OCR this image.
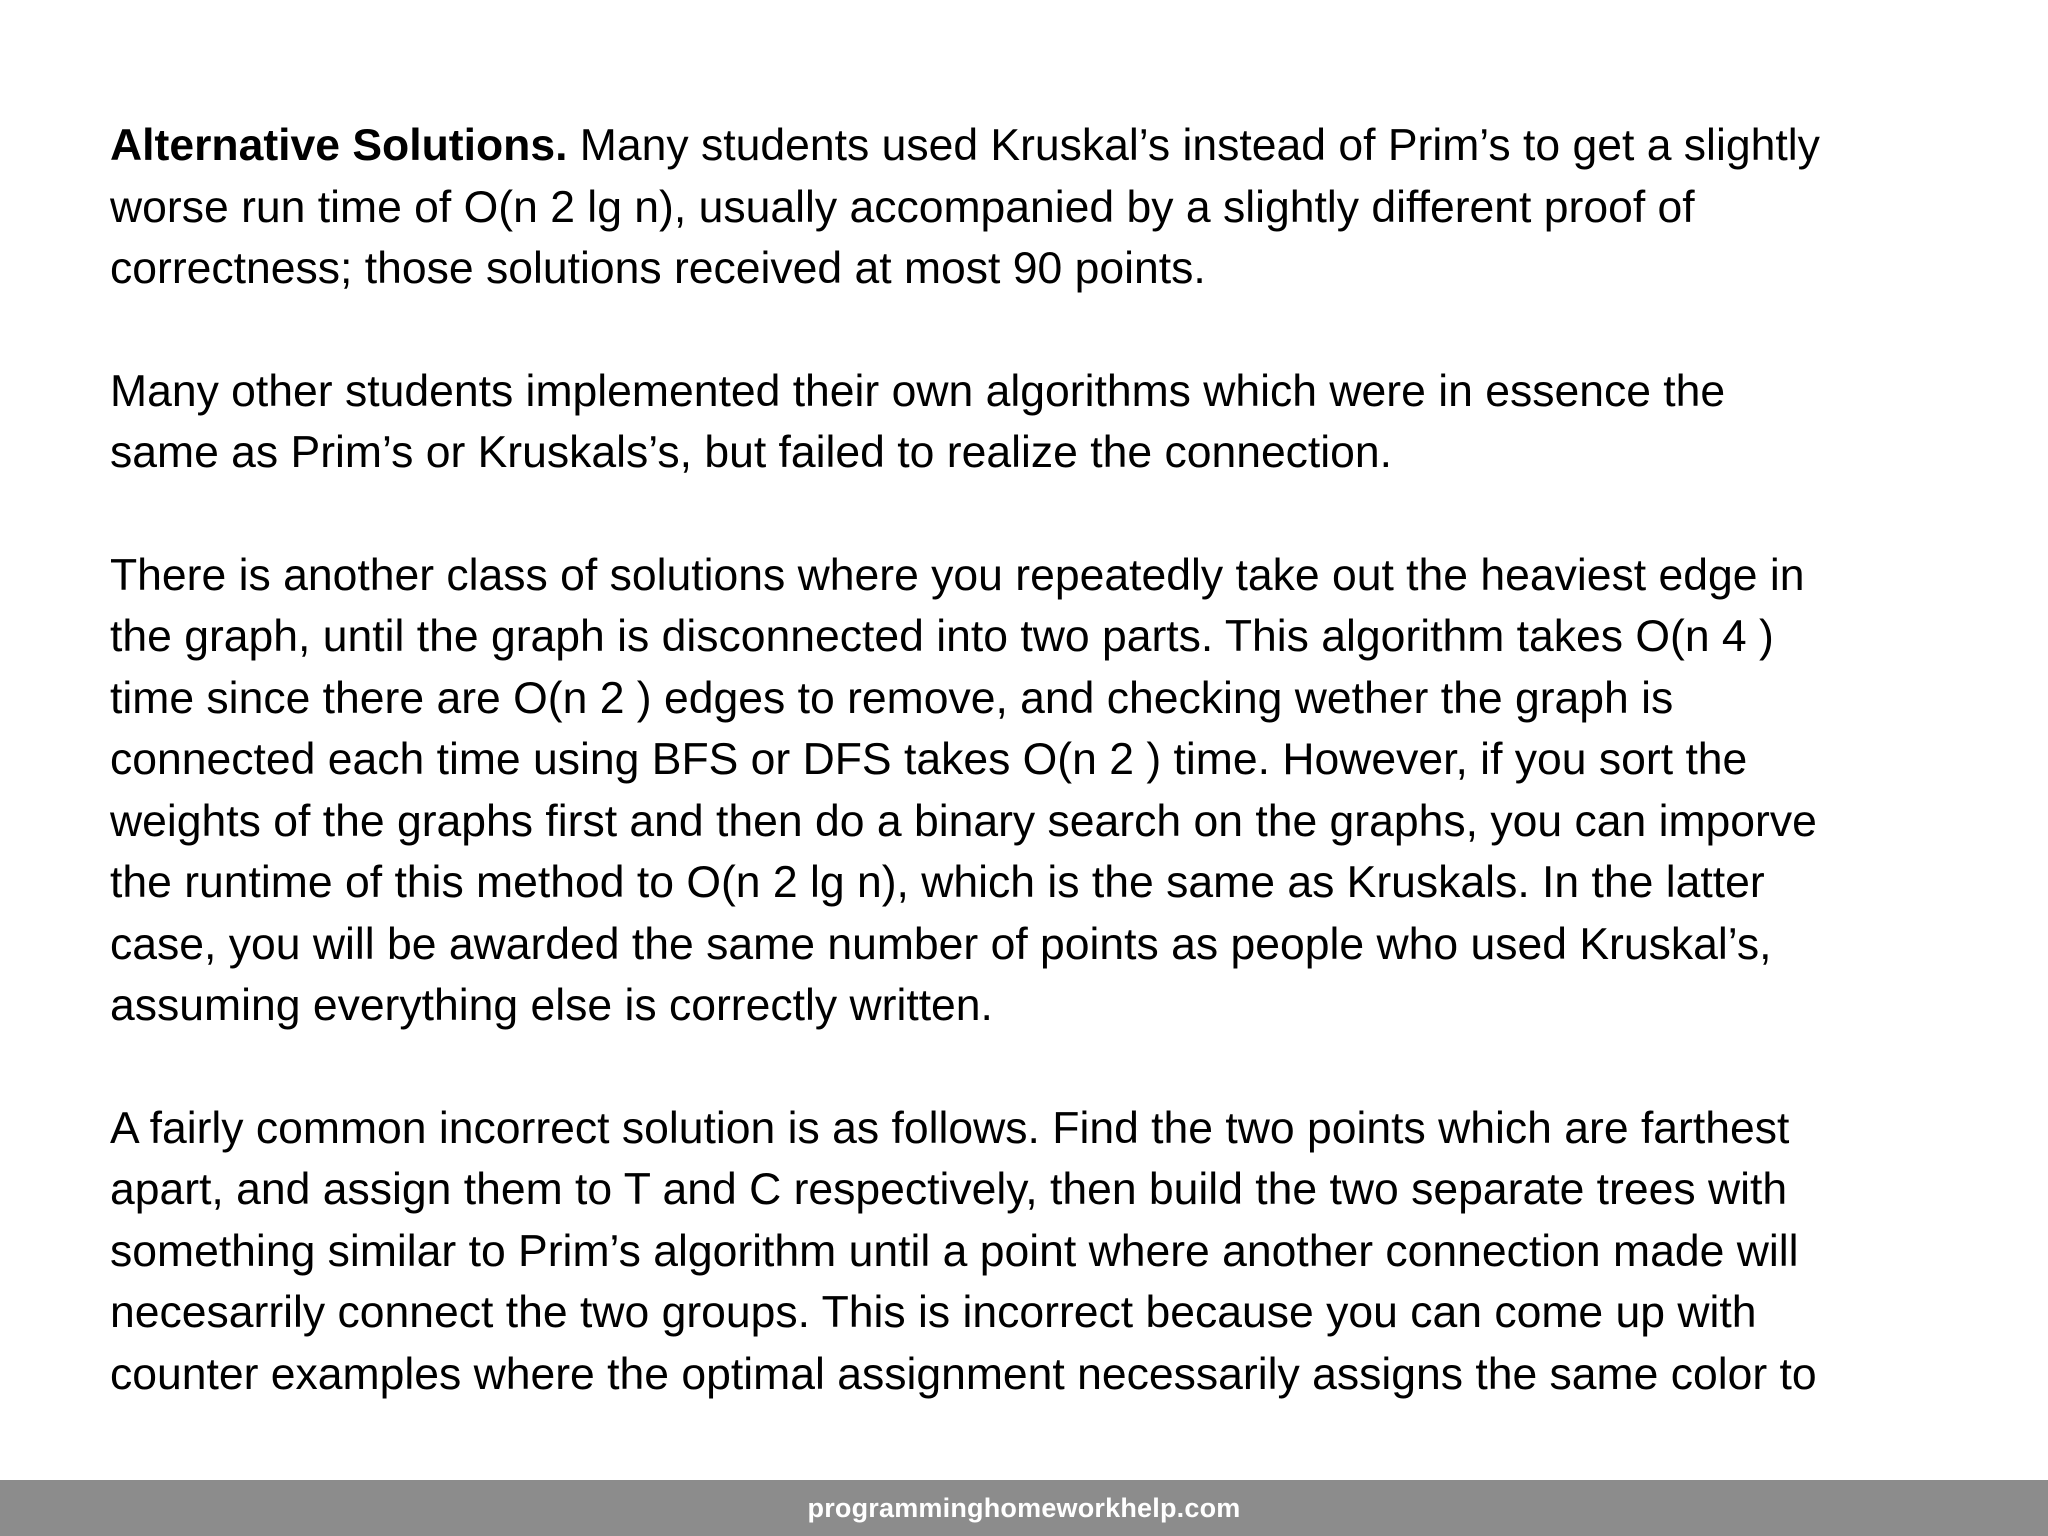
Alternative Solutions. Many students used Kruskal’s instead of Prim’s to get a slightly
worse run time of O(n 2 lg n), usually accompanied by a slightly different proof of
correctness; those solutions received at most 90 points.

Many other students implemented their own algorithms which were in essence the
same as Prim’s or Kruskals’s, but failed to realize the connection.

There is another class of solutions where you repeatedly take out the heaviest edge in
the graph, until the graph is disconnected into two parts. This algorithm takes O(n 4 )
time since there are O(n 2 ) edges to remove, and checking wether the graph is
connected each time using BFS or DFS takes O(n 2 ) time. However, if you sort the
weights of the graphs first and then do a binary search on the graphs, you can imporve
the runtime of this method to O(n 2 lg n), which is the same as Kruskals. In the latter
case, you will be awarded the same number of points as people who used Kruskal’s,
assuming everything else is correctly written.

A fairly common incorrect solution is as follows. Find the two points which are farthest
apart, and assign them to T and C respectively, then build the two separate trees with
something similar to Prim’s algorithm until a point where another connection made will
necesarrily connect the two groups. This is incorrect because you can come up with
counter examples where the optimal assignment necessarily assigns the same color to

programminghomeworkhelp.com
